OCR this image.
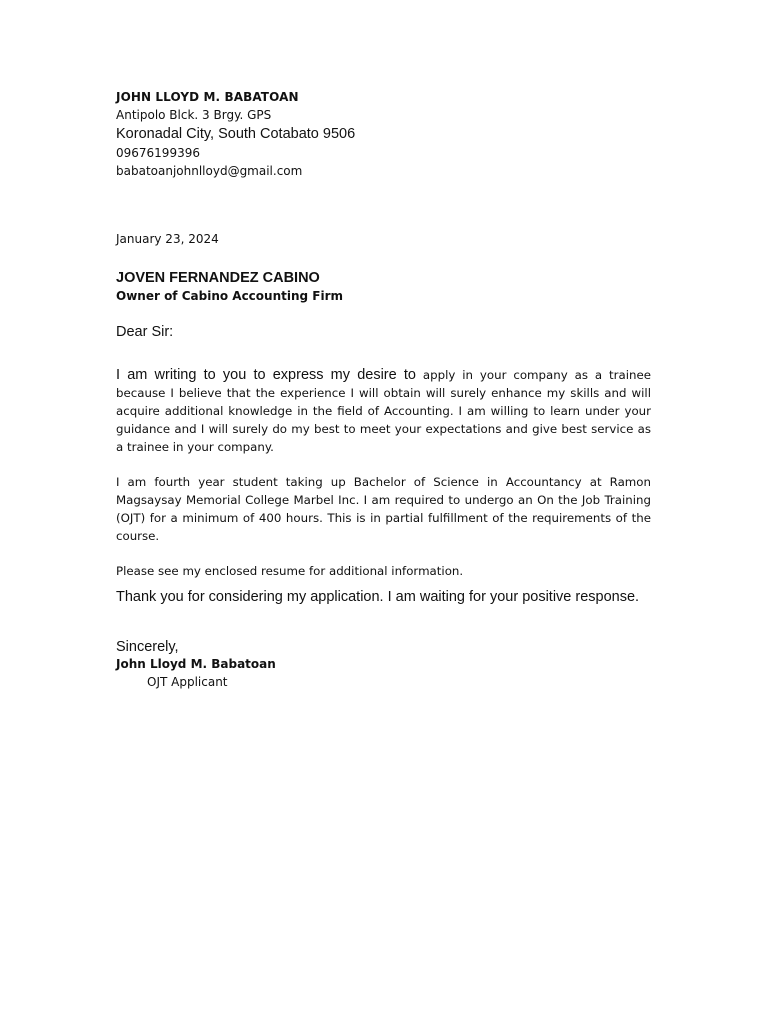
JOHN LLOYD M. BABATOAN
Antipolo Blck. 3 Brgy. GPS
Koronadal City, South Cotabato 9506
09676199396
babatoanjohnlloyd@gmail.com
January 23, 2024
JOVEN FERNANDEZ CABINO
Owner of Cabino Accounting Firm
Dear Sir:

I am writing to you to express my desire to apply in your company as a trainee because I believe that the experience I will obtain will surely enhance my skills and will acquire additional knowledge in the field of Accounting. I am willing to learn under your guidance and I will surely do my best to meet your expectations and give best service as a trainee in your company.

I am fourth year student taking up Bachelor of Science in Accountancy at Ramon Magsaysay Memorial College Marbel Inc. I am required to undergo an On the Job Training (OJT) for a minimum of 400 hours. This is in partial fulfillment of the requirements of the course.

Please see my enclosed resume for additional information.

Thank you for considering my application. I am waiting for your positive response.

Sincerely,
John Lloyd M. Babatoan
OJT Applicant
